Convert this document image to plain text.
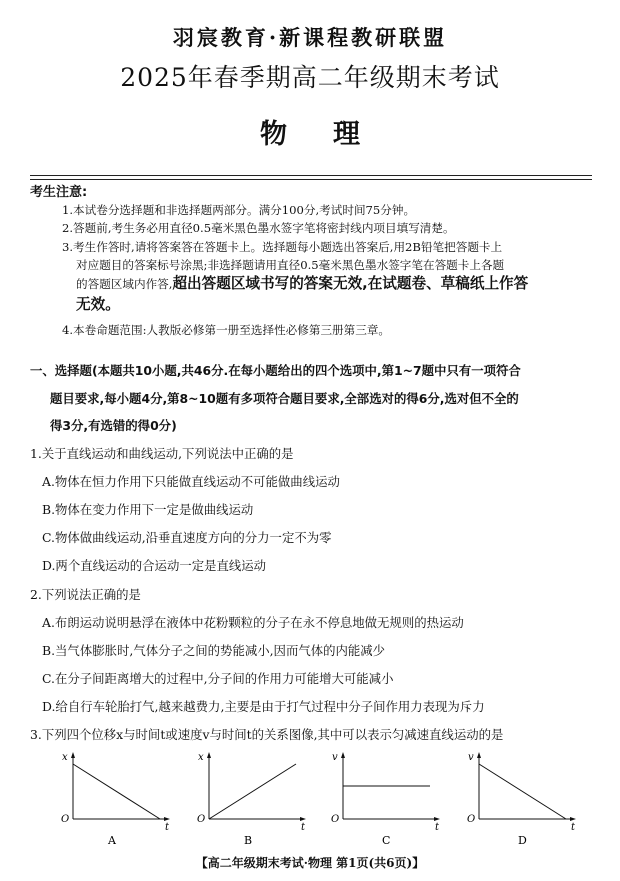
羽宸教育·新课程教研联盟
2025年春季期高二年级期末考试
物理
考生注意:
1.本试卷分选择题和非选择题两部分。满分100分,考试时间75分钟。
2.答题前,考生务必用直径0.5毫米黑色墨水签字笔将密封线内项目填写清楚。
3.考生作答时,请将答案答在答题卡上。选择题每小题选出答案后,用2B铅笔把答题卡上
对应题目的答案标号涂黑;非选择题请用直径0.5毫米黑色墨水签字笔在答题卡上各题
的答题区域内作答,超出答题区域书写的答案无效,在试题卷、草稿纸上作答
无效。
4.本卷命题范围:人教版必修第一册至选择性必修第三册第三章。
一、选择题(本题共10小题,共46分.在每小题给出的四个选项中,第1~7题中只有一项符合
题目要求,每小题4分,第8~10题有多项符合题目要求,全部选对的得6分,选对但不全的
得3分,有选错的得0分)
1.关于直线运动和曲线运动,下列说法中正确的是
A.物体在恒力作用下只能做直线运动不可能做曲线运动
B.物体在变力作用下一定是做曲线运动
C.物体做曲线运动,沿垂直速度方向的分力一定不为零
D.两个直线运动的合运动一定是直线运动
2.下列说法正确的是
A.布朗运动说明悬浮在液体中花粉颗粒的分子在永不停息地做无规则的热运动
B.当气体膨胀时,气体分子之间的势能减小,因而气体的内能减少
C.在分子间距离增大的过程中,分子间的作用力可能增大可能减小
D.给自行车轮胎打气,越来越费力,主要是由于打气过程中分子间作用力表现为斥力
3.下列四个位移x与时间t或速度v与时间t的关系图像,其中可以表示匀减速直线运动的是
x
O
t
A
x
O
t
B
v
O
t
C
v
O
t
D
【高二年级期末考试·物理 第1页(共6页)】
